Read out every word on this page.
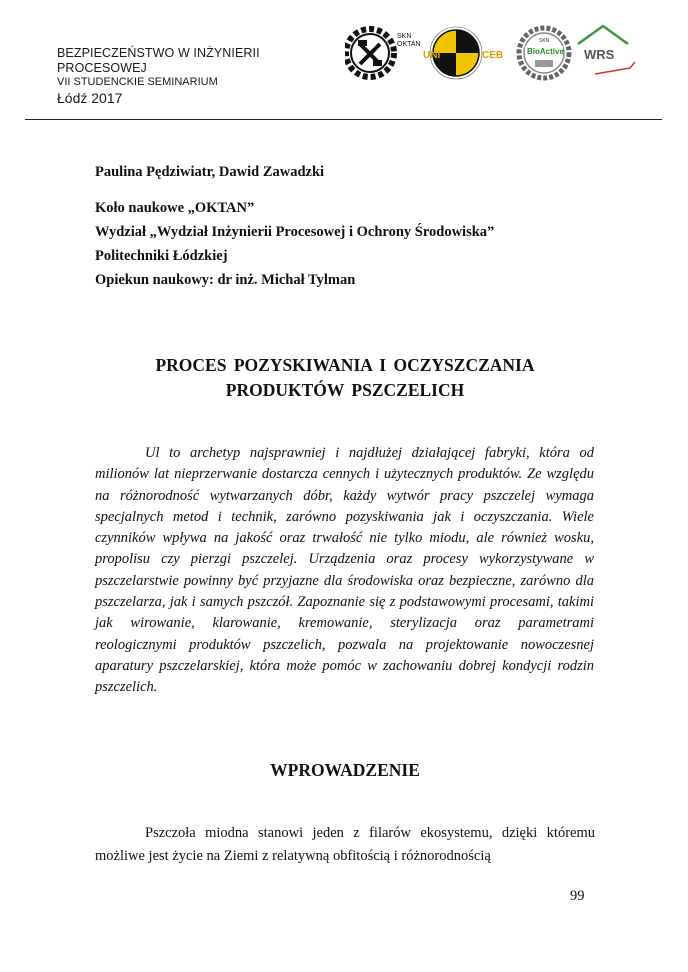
BEZPIECZEŃSTWO W INŻYNIERII
PROCESOWEJ
VII STUDENCKIE SEMINARIUM
Łódź 2017
SKN
OKTAN
UNI	CEB
SKN
BioActive WRS
Paulina Pędziwiatr, Dawid Zawadzki
Koło naukowe „OKTAN”
Wydział „Wydział Inżynierii Procesowej i Ochrony Środowiska”
Politechniki Łódzkiej
Opiekun naukowy: dr inż. Michał Tylman
PROCES POZYSKIWANIA I OCZYSZCZANIA
PRODUKTÓW PSZCZELICH

Ul to archetyp najsprawniej i najdłużej działającej fabryki, która od milionów lat nieprzerwanie dostarcza cennych i użytecznych produktów. Ze względu na różnorodność wytwarzanych dóbr, każdy wytwór pracy pszczelej wymaga specjalnych metod i technik, zarówno pozyskiwania jak i oczyszczania. Wiele czynników wpływa na jakość oraz trwałość nie tylko miodu, ale również wosku, propolisu czy pierzgi pszczelej. Urządzenia oraz procesy wykorzystywane w pszczelarstwie powinny być przyjazne dla środowiska oraz bezpieczne, zarówno dla pszczelarza, jak i samych pszczół. Zapoznanie się z podstawowymi procesami, takimi jak wirowanie, klarowanie, kremowanie, sterylizacja oraz parametrami reologicznymi produktów pszczelich, pozwala na projektowanie nowoczesnej aparatury pszczelarskiej, która może pomóc w zachowaniu dobrej kondycji rodzin pszczelich.

WPROWADZENIE

Pszczoła miodna stanowi jeden z filarów ekosystemu, dzięki któremu możliwe jest życie na Ziemi z relatywną obfitością i różnorodnością

99
